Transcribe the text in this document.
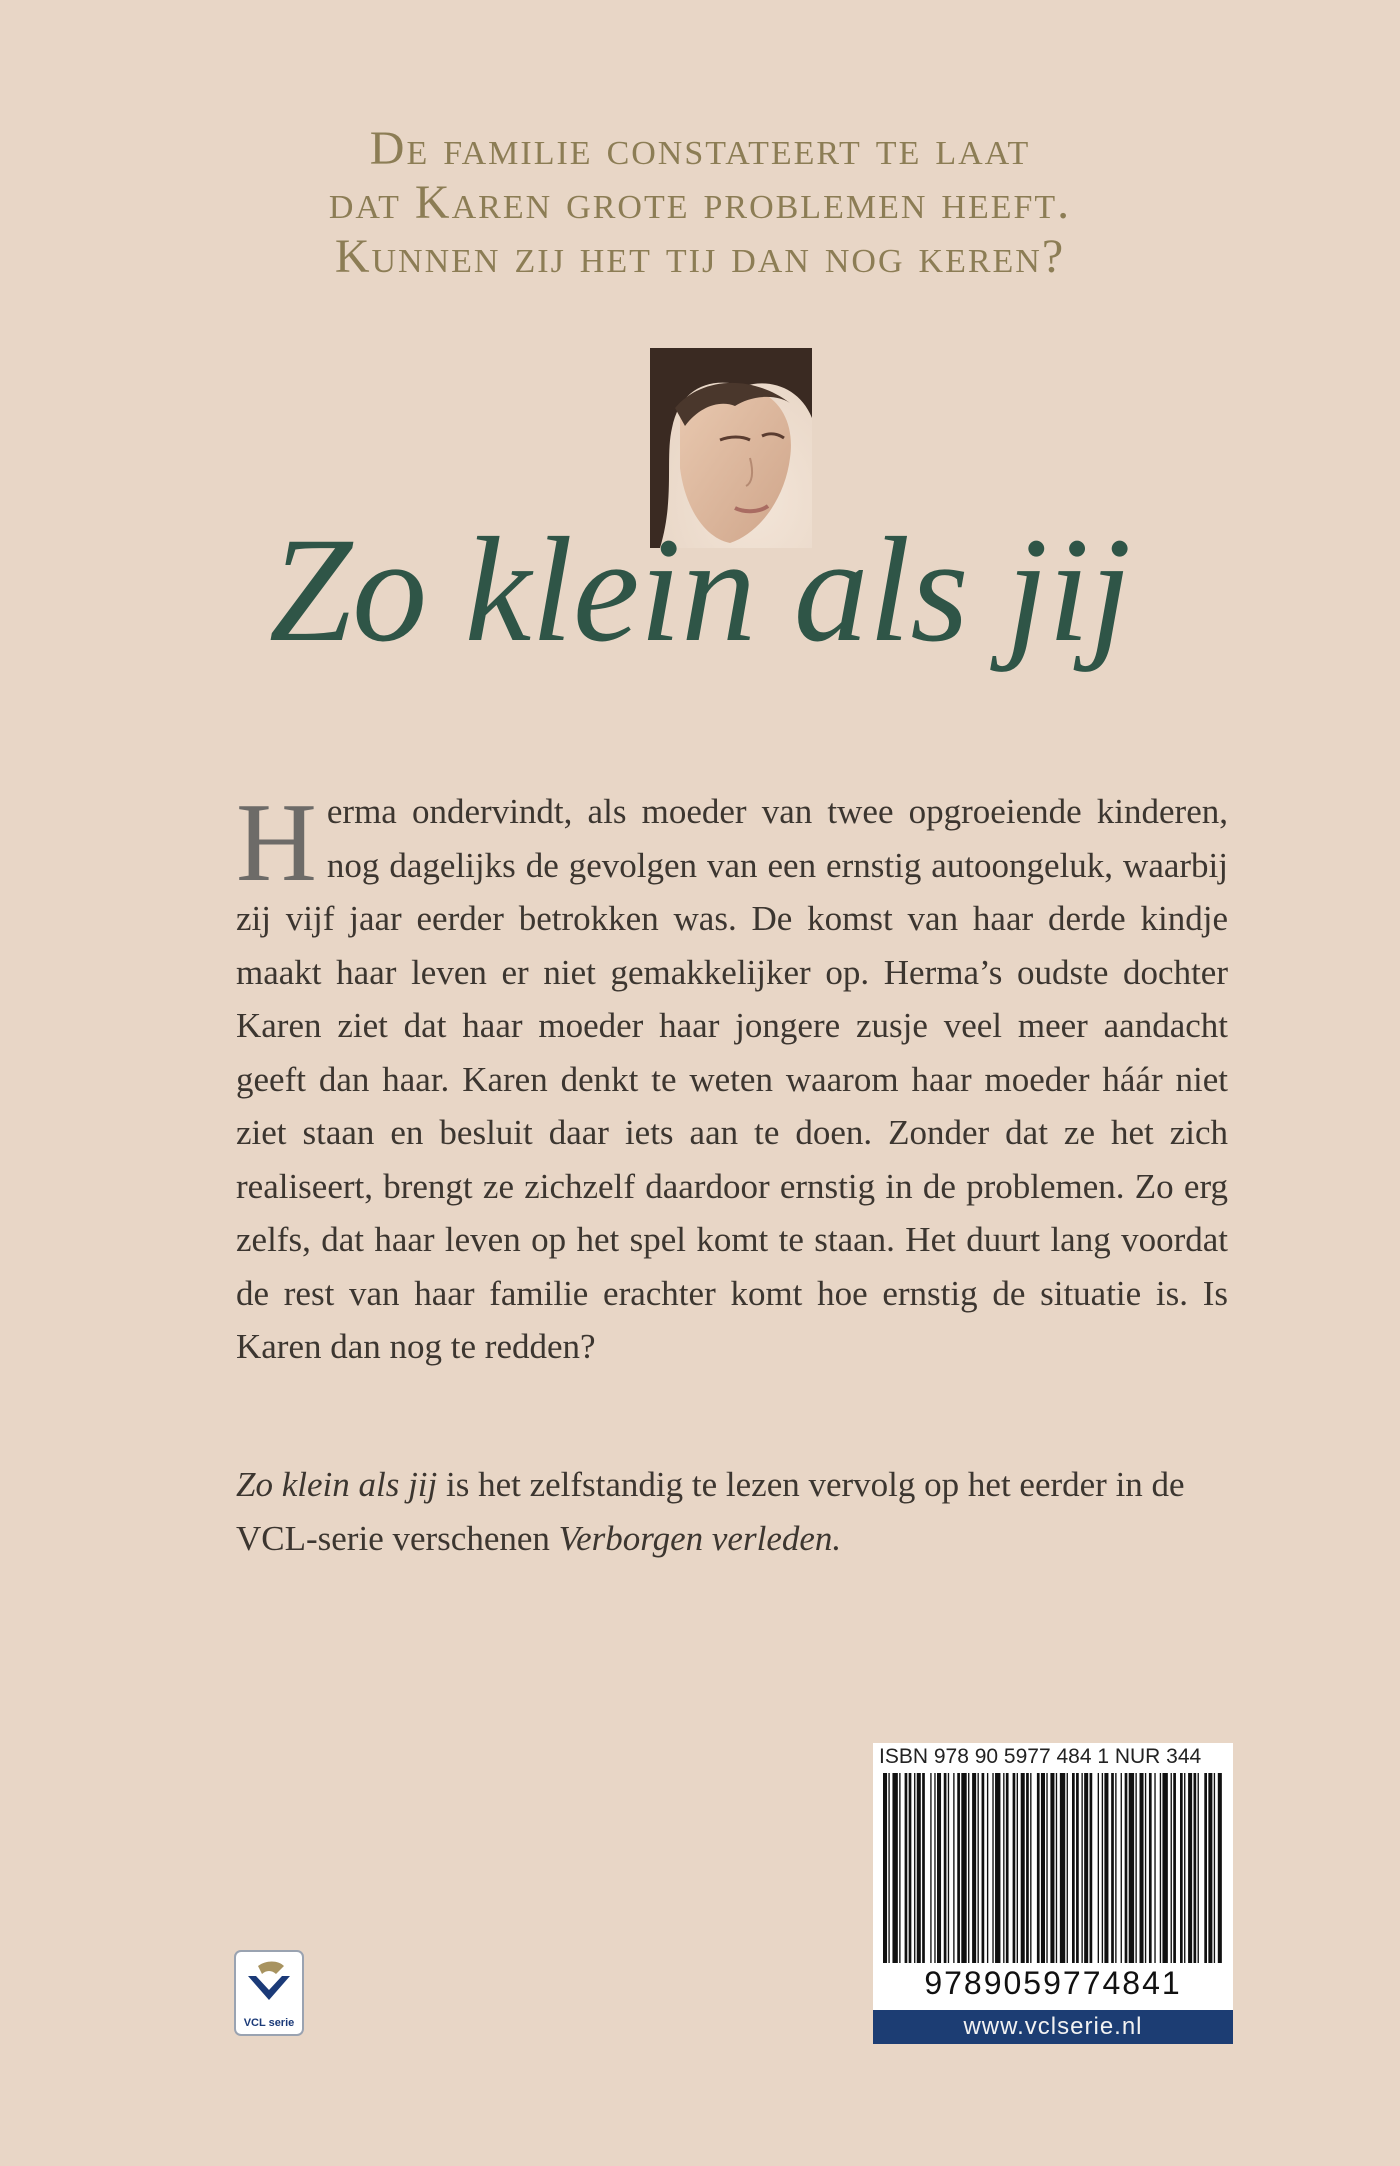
De familie constateert te laat
dat Karen grote problemen heeft.
Kunnen zij het tij dan nog keren?
Zo klein als jij
H erma ondervindt, als moeder van twee opgroeiende kinderen, nog dagelijks de gevolgen van een ernstig autoongeluk, waarbij zij vijf jaar eerder betrokken was. De komst van haar derde kindje maakt haar leven er niet gemakkelijker op. Herma’s oudste dochter Karen ziet dat haar moeder haar jongere zusje veel meer aandacht geeft dan haar. Karen denkt te weten waarom haar moeder háár niet ziet staan en besluit daar iets aan te doen. Zonder dat ze het zich realiseert, brengt ze zichzelf daardoor ernstig in de problemen. Zo erg zelfs, dat haar leven op het spel komt te staan. Het duurt lang voordat de rest van haar familie erachter komt hoe ernstig de situatie is. Is Karen dan nog te redden?
Zo klein als jij is het zelfstandig te lezen vervolg op het eerder in de VCL-serie verschenen Verborgen verleden.
ISBN 978 90 5977 484 1 NUR 344
9789059774841
www.vclserie.nl
VCL serie
